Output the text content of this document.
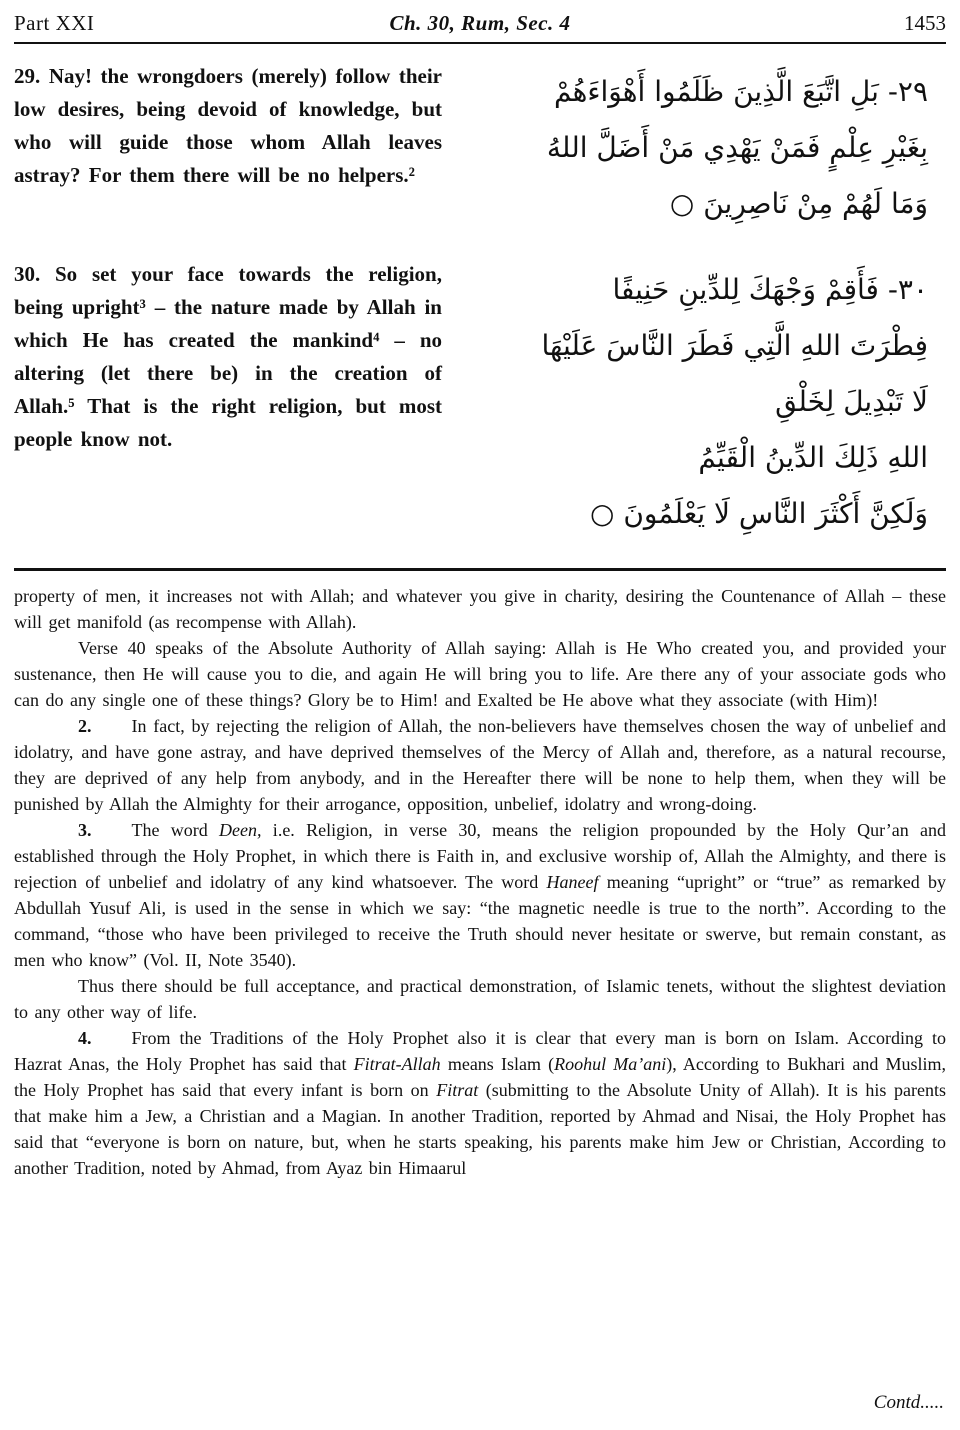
Part XXI	Ch. 30, Rum, Sec. 4	1453
29. Nay! the wrongdoers (merely) follow their low desires, being devoid of knowledge, but who will guide those whom Allah leaves astray? For them there will be no helpers.²
٢٩- بَلِ اتَّبَعَ الَّذِينَ ظَلَمُوا أَهْوَاءَهُمْ
بِغَيْرِ عِلْمٍ فَمَنْ يَهْدِي مَنْ أَضَلَّ اللهُ
وَمَا لَهُمْ مِنْ نَاصِرِينَ ○
30. So set your face towards the religion, being upright³ – the nature made by Allah in which He has created the mankind⁴ – no altering (let there be) in the creation of Allah.⁵ That is the right religion, but most people know not.
٣٠- فَأَقِمْ وَجْهَكَ لِلدِّينِ حَنِيفًا
فِطْرَتَ اللهِ الَّتِي فَطَرَ النَّاسَ عَلَيْهَا
لَا تَبْدِيلَ لِخَلْقِ
اللهِ ذَلِكَ الدِّينُ الْقَيِّمُ
وَلَكِنَّ أَكْثَرَ النَّاسِ لَا يَعْلَمُونَ ○

property of men, it increases not with Allah; and whatever you give in charity, desiring the Countenance of Allah – these will get manifold (as recompense with Allah).

Verse 40 speaks of the Absolute Authority of Allah saying: Allah is He Who created you, and provided your sustenance, then He will cause you to die, and again He will bring you to life. Are there any of your associate gods who can do any single one of these things? Glory be to Him! and Exalted be He above what they associate (with Him)!

2. In fact, by rejecting the religion of Allah, the non-believers have themselves chosen the way of unbelief and idolatry, and have gone astray, and have deprived themselves of the Mercy of Allah and, therefore, as a natural recourse, they are deprived of any help from anybody, and in the Hereafter there will be none to help them, when they will be punished by Allah the Almighty for their arrogance, opposition, unbelief, idolatry and wrong-doing.

3. The word Deen, i.e. Religion, in verse 30, means the religion propounded by the Holy Qur’an and established through the Holy Prophet, in which there is Faith in, and exclusive worship of, Allah the Almighty, and there is rejection of unbelief and idolatry of any kind whatsoever. The word Haneef meaning “upright” or “true” as remarked by Abdullah Yusuf Ali, is used in the sense in which we say: “the magnetic needle is true to the north”. According to the command, “those who have been privileged to receive the Truth should never hesitate or swerve, but remain constant, as men who know” (Vol. II, Note 3540).

Thus there should be full acceptance, and practical demonstration, of Islamic tenets, without the slightest deviation to any other way of life.

4. From the Traditions of the Holy Prophet also it is clear that every man is born on Islam. According to Hazrat Anas, the Holy Prophet has said that Fitrat-Allah means Islam (Roohul Ma’ani), According to Bukhari and Muslim, the Holy Prophet has said that every infant is born on Fitrat (submitting to the Absolute Unity of Allah). It is his parents that make him a Jew, a Christian and a Magian. In another Tradition, reported by Ahmad and Nisai, the Holy Prophet has said that “everyone is born on nature, but, when he starts speaking, his parents make him Jew or Christian, According to another Tradition, noted by Ahmad, from Ayaz bin Himaarul

Contd.....
